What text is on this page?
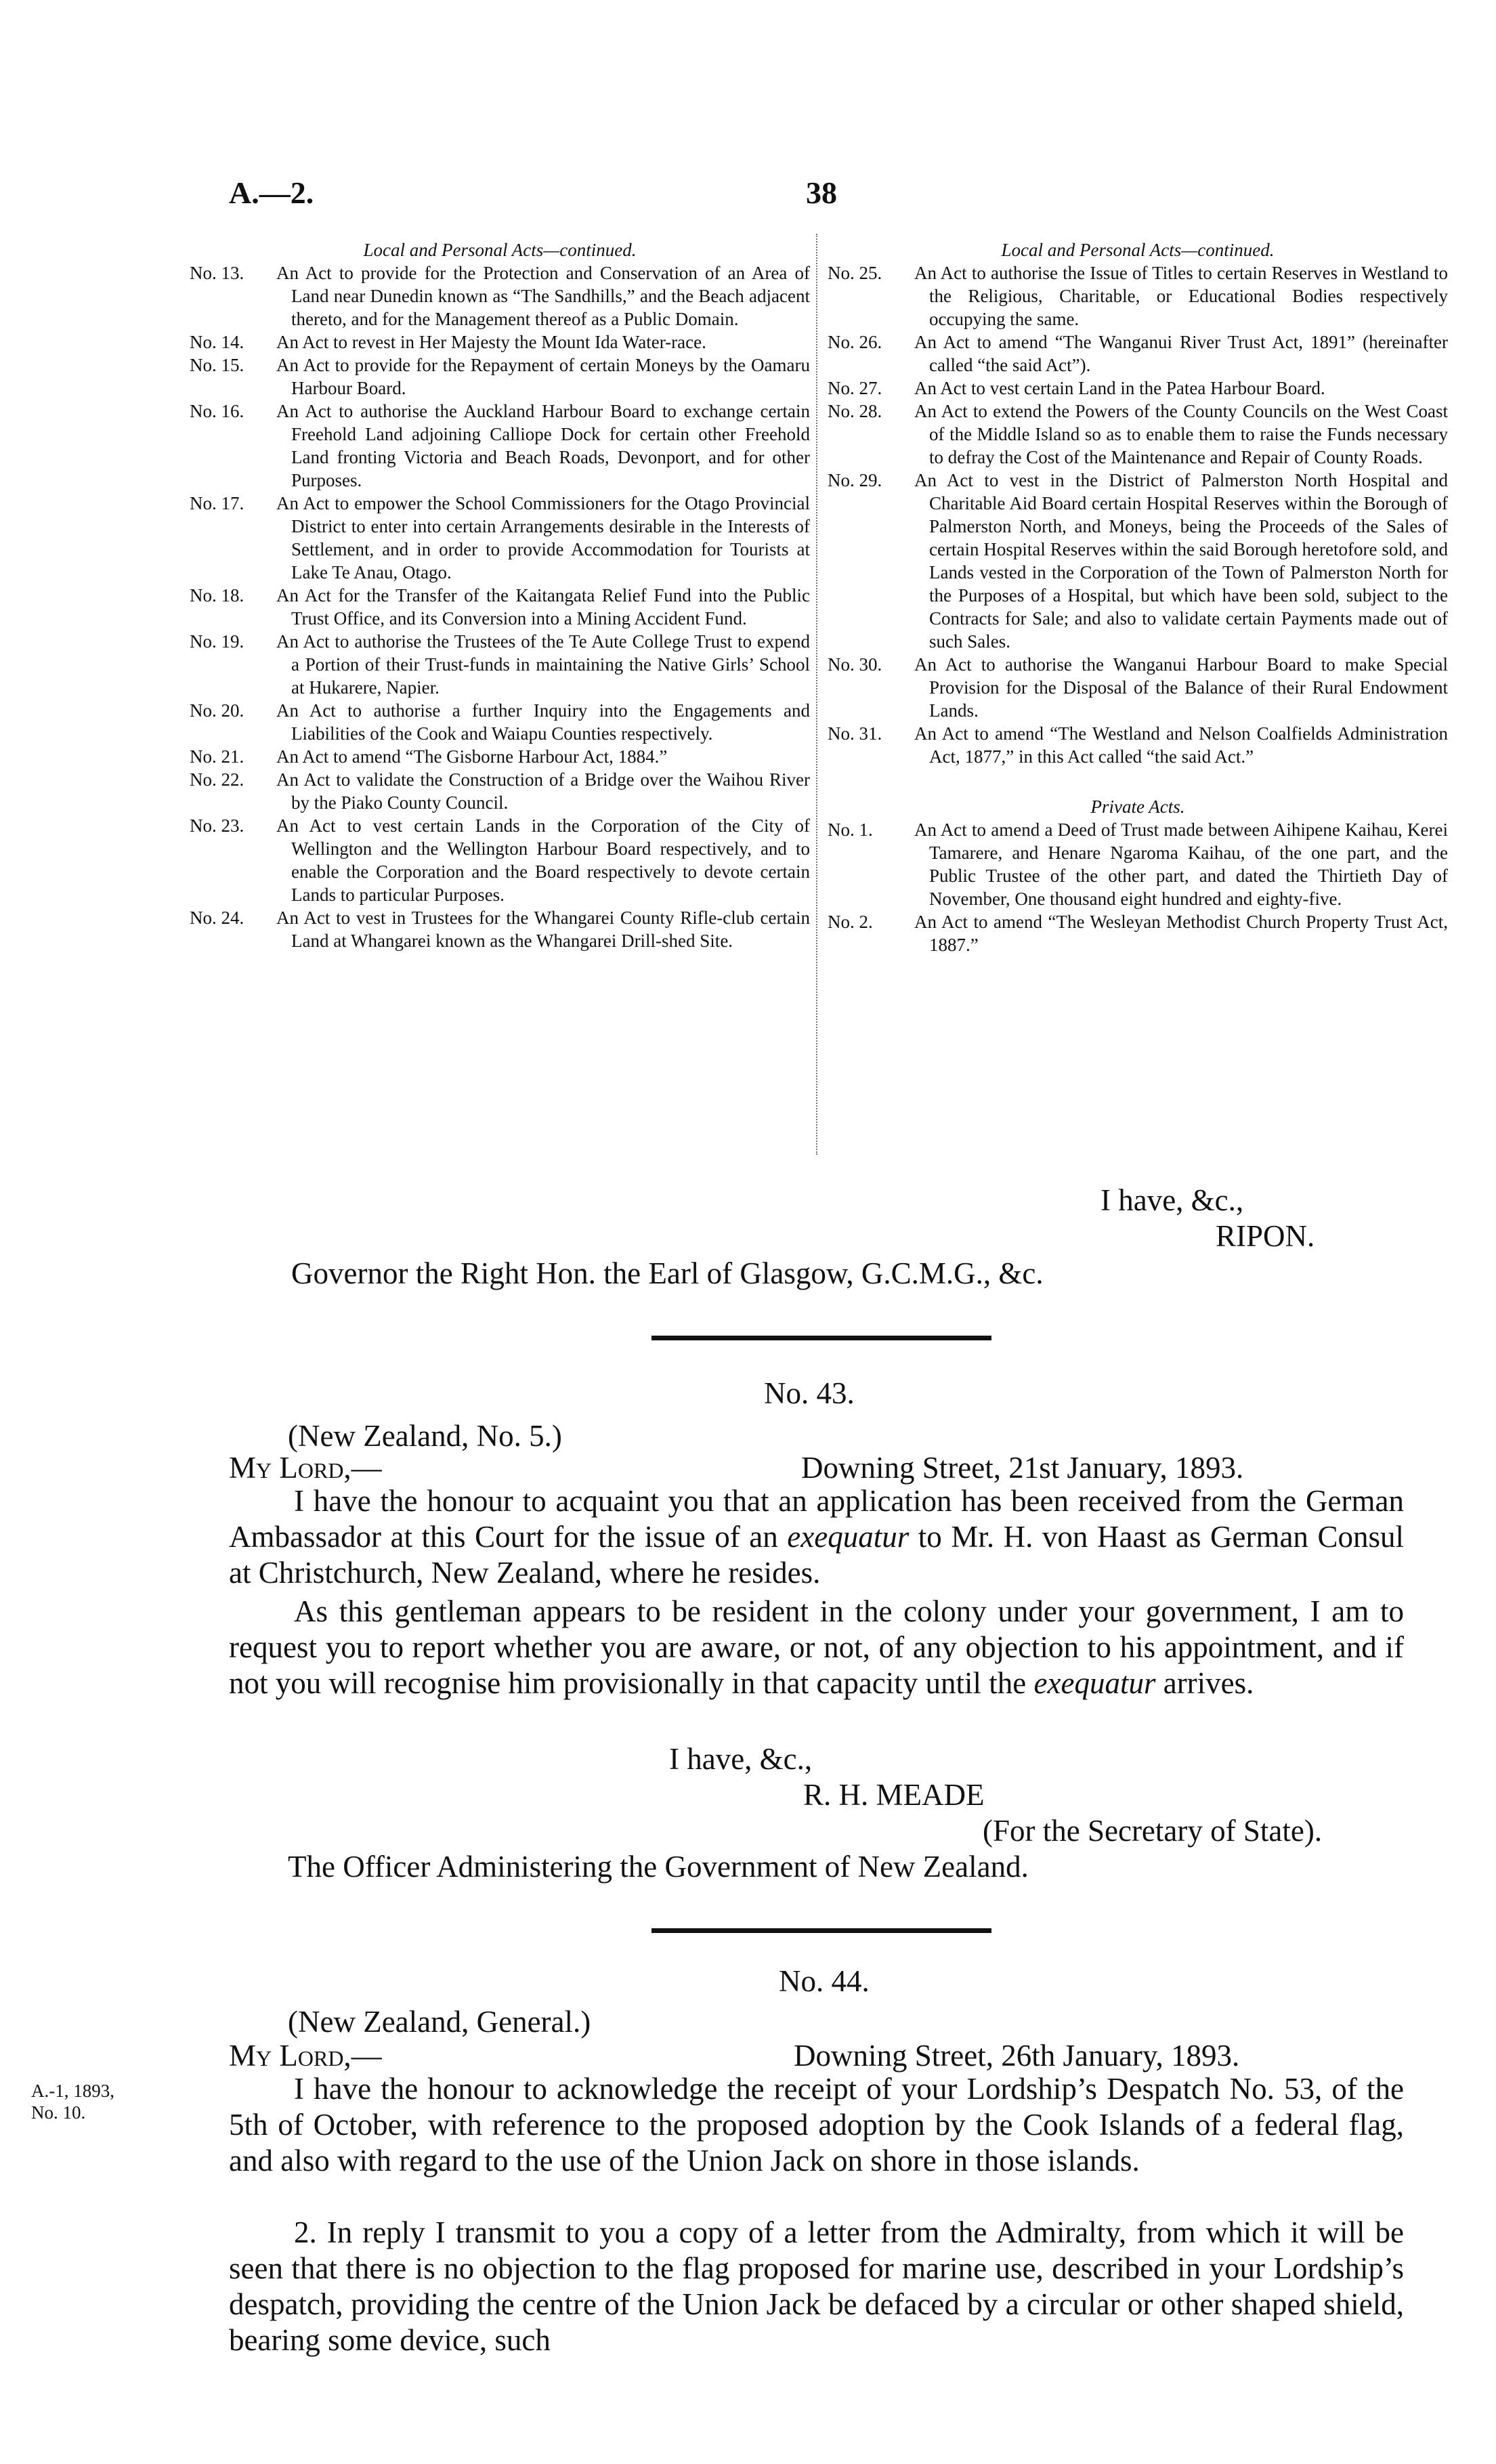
A.—2.	38
Local and Personal Acts—continued.
No. 13.	An Act to provide for the Protection and Conservation of an Area of Land near Dunedin known as “The Sandhills,” and the Beach adjacent thereto, and for the Management thereof as a Public Domain.
No. 14.	An Act to revest in Her Majesty the Mount Ida Water-race.
No. 15.	An Act to provide for the Repayment of certain Moneys by the Oamaru Harbour Board.
No. 16.	An Act to authorise the Auckland Harbour Board to exchange certain Freehold Land adjoining Calliope Dock for certain other Freehold Land fronting Victoria and Beach Roads, Devonport, and for other Purposes.
No. 17.	An Act to empower the School Commissioners for the Otago Provincial District to enter into certain Arrangements desirable in the Interests of Settlement, and in order to provide Accommodation for Tourists at Lake Te Anau, Otago.
No. 18.	An Act for the Transfer of the Kaitangata Relief Fund into the Public Trust Office, and its Conversion into a Mining Accident Fund.
No. 19.	An Act to authorise the Trustees of the Te Aute College Trust to expend a Portion of their Trust-funds in maintaining the Native Girls’ School at Hukarere, Napier.
No. 20.	An Act to authorise a further Inquiry into the Engagements and Liabilities of the Cook and Waiapu Counties respectively.
No. 21.	An Act to amend “The Gisborne Harbour Act, 1884.”
No. 22.	An Act to validate the Construction of a Bridge over the Waihou River by the Piako County Council.
No. 23.	An Act to vest certain Lands in the Corporation of the City of Wellington and the Wellington Harbour Board respectively, and to enable the Corporation and the Board respectively to devote certain Lands to particular Purposes.
No. 24.	An Act to vest in Trustees for the Whangarei County Rifle-club certain Land at Whangarei known as the Whangarei Drill-shed Site.
Local and Personal Acts—continued.
No. 25.	An Act to authorise the Issue of Titles to certain Reserves in Westland to the Religious, Charitable, or Educational Bodies respectively occupying the same.
No. 26.	An Act to amend “The Wanganui River Trust Act, 1891” (hereinafter called “the said Act”).
No. 27.	An Act to vest certain Land in the Patea Harbour Board.
No. 28.	An Act to extend the Powers of the County Councils on the West Coast of the Middle Island so as to enable them to raise the Funds necessary to defray the Cost of the Maintenance and Repair of County Roads.
No. 29.	An Act to vest in the District of Palmerston North Hospital and Charitable Aid Board certain Hospital Reserves within the Borough of Palmerston North, and Moneys, being the Proceeds of the Sales of certain Hospital Reserves within the said Borough heretofore sold, and Lands vested in the Corporation of the Town of Palmerston North for the Purposes of a Hospital, but which have been sold, subject to the Contracts for Sale; and also to validate certain Payments made out of such Sales.
No. 30.	An Act to authorise the Wanganui Harbour Board to make Special Provision for the Disposal of the Balance of their Rural Endowment Lands.
No. 31.	An Act to amend “The Westland and Nelson Coalfields Administration Act, 1877,” in this Act called “the said Act.”
Private Acts.
No. 1.	An Act to amend a Deed of Trust made between Aihipene Kaihau, Kerei Tamarere, and Henare Ngaroma Kaihau, of the one part, and the Public Trustee of the other part, and dated the Thirtieth Day of November, One thousand eight hundred and eighty-five.
No. 2.	An Act to amend “The Wesleyan Methodist Church Property Trust Act, 1887.”
I have, &c.,
RIPON.
Governor the Right Hon. the Earl of Glasgow, G.C.M.G., &c.
No. 43.
(New Zealand, No. 5.)
My Lord,—	Downing Street, 21st January, 1893.
I have the honour to acquaint you that an application has been received from the German Ambassador at this Court for the issue of an exequatur to Mr. H. von Haast as German Consul at Christchurch, New Zealand, where he resides.
As this gentleman appears to be resident in the colony under your government, I am to request you to report whether you are aware, or not, of any objection to his appointment, and if not you will recognise him provisionally in that capacity until the exequatur arrives.
I have, &c.,
R. H. MEADE
(For the Secretary of State).
The Officer Administering the Government of New Zealand.
No. 44.
(New Zealand, General.)
My Lord,—	Downing Street, 26th January, 1893.
A.-1, 1893,
No. 10.
I have the honour to acknowledge the receipt of your Lordship’s Despatch No. 53, of the 5th of October, with reference to the proposed adoption by the Cook Islands of a federal flag, and also with regard to the use of the Union Jack on shore in those islands.
2. In reply I transmit to you a copy of a letter from the Admiralty, from which it will be seen that there is no objection to the flag proposed for marine use, described in your Lordship’s despatch, providing the centre of the Union Jack be defaced by a circular or other shaped shield, bearing some device, such
